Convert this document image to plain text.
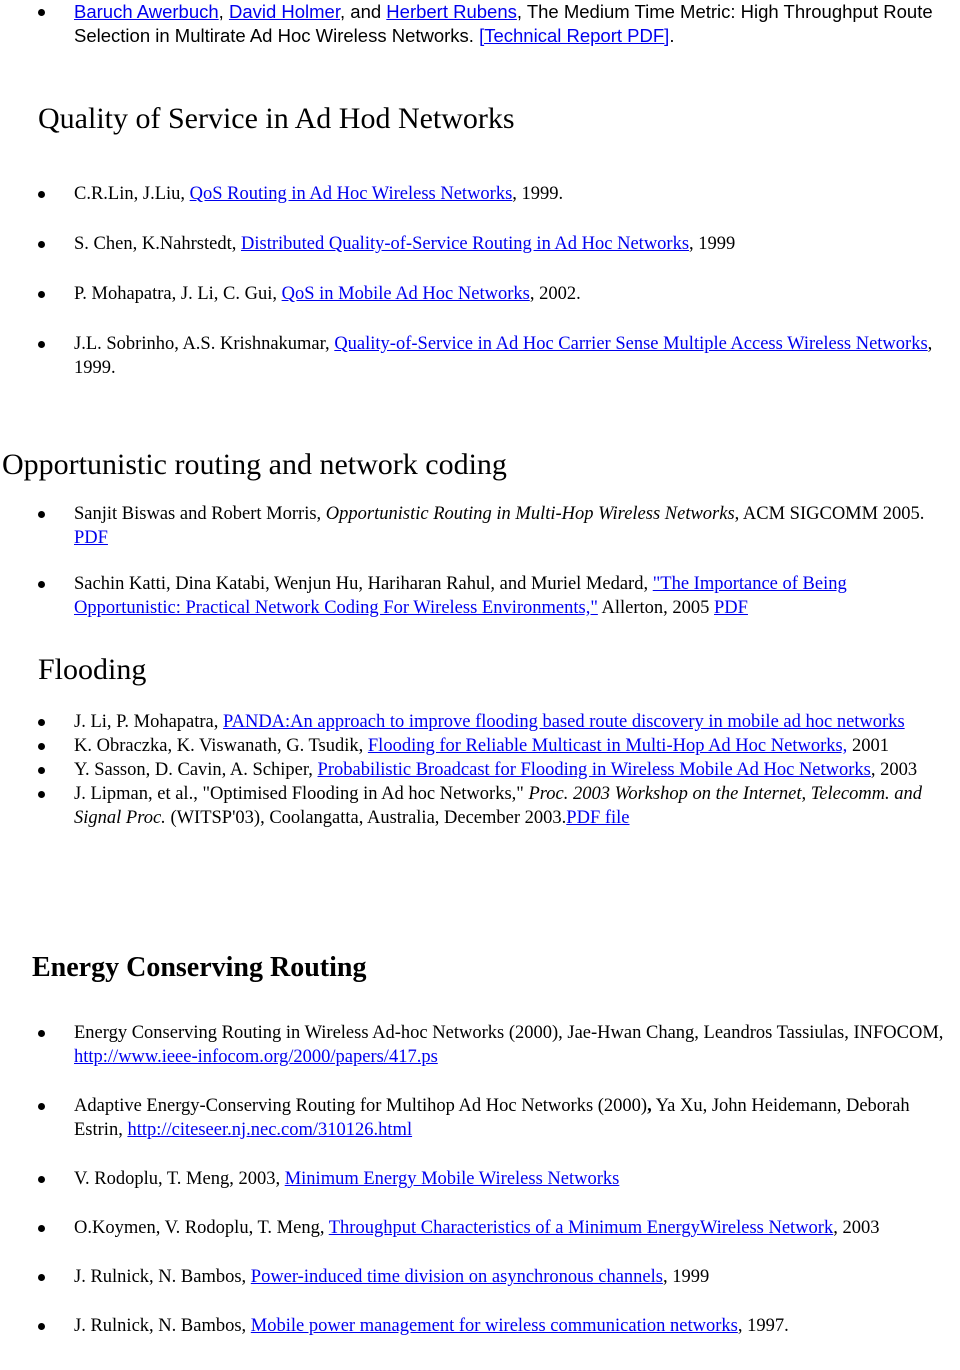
Baruch Awerbuch, David Holmer, and Herbert Rubens, The Medium Time Metric: High Throughput Route Selection in Multirate Ad Hoc Wireless Networks. [Technical Report PDF].
Quality of Service in Ad Hod Networks
C.R.Lin, J.Liu, QoS Routing in Ad Hoc Wireless Networks, 1999.
S. Chen, K.Nahrstedt, Distributed Quality-of-Service Routing in Ad Hoc Networks, 1999
P. Mohapatra, J. Li, C. Gui, QoS in Mobile Ad Hoc Networks, 2002.
J.L. Sobrinho, A.S. Krishnakumar, Quality-of-Service in Ad Hoc Carrier Sense Multiple Access Wireless Networks, 1999.
Opportunistic routing and network coding
Sanjit Biswas and Robert Morris, Opportunistic Routing in Multi-Hop Wireless Networks, ACM SIGCOMM 2005. PDF
Sachin Katti, Dina Katabi, Wenjun Hu, Hariharan Rahul, and Muriel Medard, "The Importance of Being Opportunistic: Practical Network Coding For Wireless Environments," Allerton, 2005 PDF
Flooding
J. Li, P. Mohapatra, PANDA:An approach to improve flooding based route discovery in mobile ad hoc networks
K. Obraczka, K. Viswanath, G. Tsudik, Flooding for Reliable Multicast in Multi-Hop Ad Hoc Networks, 2001
Y. Sasson, D. Cavin, A. Schiper, Probabilistic Broadcast for Flooding in Wireless Mobile Ad Hoc Networks, 2003
J. Lipman, et al., "Optimised Flooding in Ad hoc Networks," Proc. 2003 Workshop on the Internet, Telecomm. and Signal Proc. (WITSP'03), Coolangatta, Australia, December 2003.PDF file
Energy Conserving Routing
Energy Conserving Routing in Wireless Ad-hoc Networks (2000), Jae-Hwan Chang, Leandros Tassiulas, INFOCOM, http://www.ieee-infocom.org/2000/papers/417.ps
Adaptive Energy-Conserving Routing for Multihop Ad Hoc Networks (2000), Ya Xu, John Heidemann, Deborah Estrin, http://citeseer.nj.nec.com/310126.html
V. Rodoplu, T. Meng, 2003, Minimum Energy Mobile Wireless Networks
O.Koymen, V. Rodoplu, T. Meng, Throughput Characteristics of a Minimum EnergyWireless Network, 2003
J. Rulnick, N. Bambos, Power-induced time division on asynchronous channels, 1999
J. Rulnick, N. Bambos, Mobile power management for wireless communication networks, 1997.
